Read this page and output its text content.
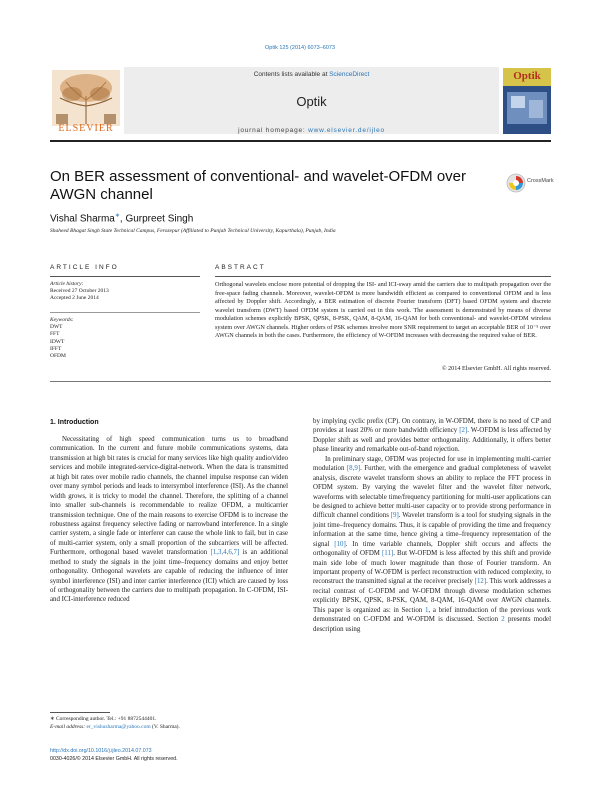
Optik 125 (2014) 6073–6073
ELSEVIER
Contents lists available at ScienceDirect
Optik
journal homepage: www.elsevier.de/ijleo
Optik
On BER assessment of conventional- and wavelet-OFDM over AWGN channel
CrossMark
Vishal Sharma∗, Gurpreet Singh
Shaheed Bhagat Singh State Technical Campus, Ferozepur (Affiliated to Punjab Technical University, Kapurthala), Punjab, India
ARTICLE INFO
Article history:
Received 27 October 2013
Accepted 2 June 2014
Keywords:
DWT
FFT
IDWT
IFFT
OFDM
ABSTRACT
Orthogonal wavelets enclose more potential of dropping the ISI- and ICI-sway amid the carriers due to multipath propagation over the free-space fading channels. Moreover, wavelet-OFDM is more bandwidth efficient as compared to conventional OFDM and is less affected by Doppler shift. Accordingly, a BER estimation of discrete Fourier transform (DFT) based OFDM system and discrete wavelet transform (DWT) based OFDM system is carried out in this work. The assessment is demonstrated by means of diverse modulation schemes explicitly BPSK, QPSK, 8-PSK, QAM, 8-QAM, 16-QAM for both conventional- and wavelet-OFDM wireless system over AWGN channels. Higher orders of PSK schemes involve more SNR requirement to target an acceptable BER of 10⁻⁵ over AWGN channels in both the cases. Furthermore, the efficiency of W-OFDM increases with decreasing the required value of BER.
© 2014 Elsevier GmbH. All rights reserved.
1. Introduction

Necessitating of high speed communication turns us to broadband communication. In the current and future mobile communications systems, data transmission at high bit rates is crucial for many services like high quality audio/video services and mobile integrated-service-digital-network. When the data is transmitted at high bit rates over mobile radio channels, the channel impulse response can widen over many symbol periods and leads to intersymbol interference (ISI). As the channel width grows, it is tricky to model the channel. Therefore, the splitting of a channel into smaller sub-channels is recommendable to realize OFDM, a multicarrier transmission technique. One of the main reasons to exercise OFDM is to increase the robustness against frequency selective fading or narrowband interference. In a single carrier system, a single fade or interferer can cause the whole link to fail, but in case of multi-carrier system, only a small proportion of the subcarriers will be affected. Furthermore, orthogonal based wavelet transformation [1,3,4,6,7] is an additional method to study the signals in the joint time–frequency domains and enjoy better orthogonality. Orthogonal wavelets are capable of reducing the influence of inter symbol interference (ISI) and inter carrier interference (ICI) which are caused by loss of orthogonality between the carriers due to multipath propagation. In C-OFDM, ISI- and ICI-interference reduced

by implying cyclic prefix (CP). On contrary, in W-OFDM, there is no need of CP and provides at least 20% or more bandwidth efficiency [2]. W-OFDM is less affected by Doppler shift as well and provides better orthogonality. Additionally, it offers better phase linearity and remarkable out-of-band rejection.

In preliminary stage, OFDM was projected for use in implementing multi-carrier modulation [8,9]. Further, with the emergence and gradual completeness of wavelet analysis, discrete wavelet transform shows an ability to replace the FFT process in OFDM system. By varying the wavelet filter and the wavelet filter network, waveforms with selectable time/frequency partitioning for multi-user applications can be designed to achieve better multi-user capacity or to provide strong performance in difficult channel conditions [9]. Wavelet transform is a tool for studying signals in the joint time–frequency domains. Thus, it is capable of providing the time and frequency information at the same time, hence giving a time–frequency representation of the signal [10]. In time variable channels, Doppler shift occurs and affects the orthogonality of OFDM [11]. But W-OFDM is less affected by this shift and provide main side lobe of much lower magnitude than those of Fourier transform. An important property of W-OFDM is perfect reconstruction with reduced complexity, to reconstruct the transmitted signal at the receiver precisely [12]. This work addresses a recital contrast of C-OFDM and W-OFDM through diverse modulation schemes explicitly BPSK, QPSK, 8-PSK, QAM, 8-QAM, 16-QAM over AWGN channels. This paper is organized as: in Section 1, a brief introduction of the previous work demonstrated on C-OFDM and W-OFDM is discussed. Section 2 presents model description using

∗ Corresponding author. Tel.: +91 8872544401.
E-mail address: er_vishusharma@yahoo.com (V. Sharma).
http://dx.doi.org/10.1016/j.ijleo.2014.07.073
0030-4026/© 2014 Elsevier GmbH. All rights reserved.
